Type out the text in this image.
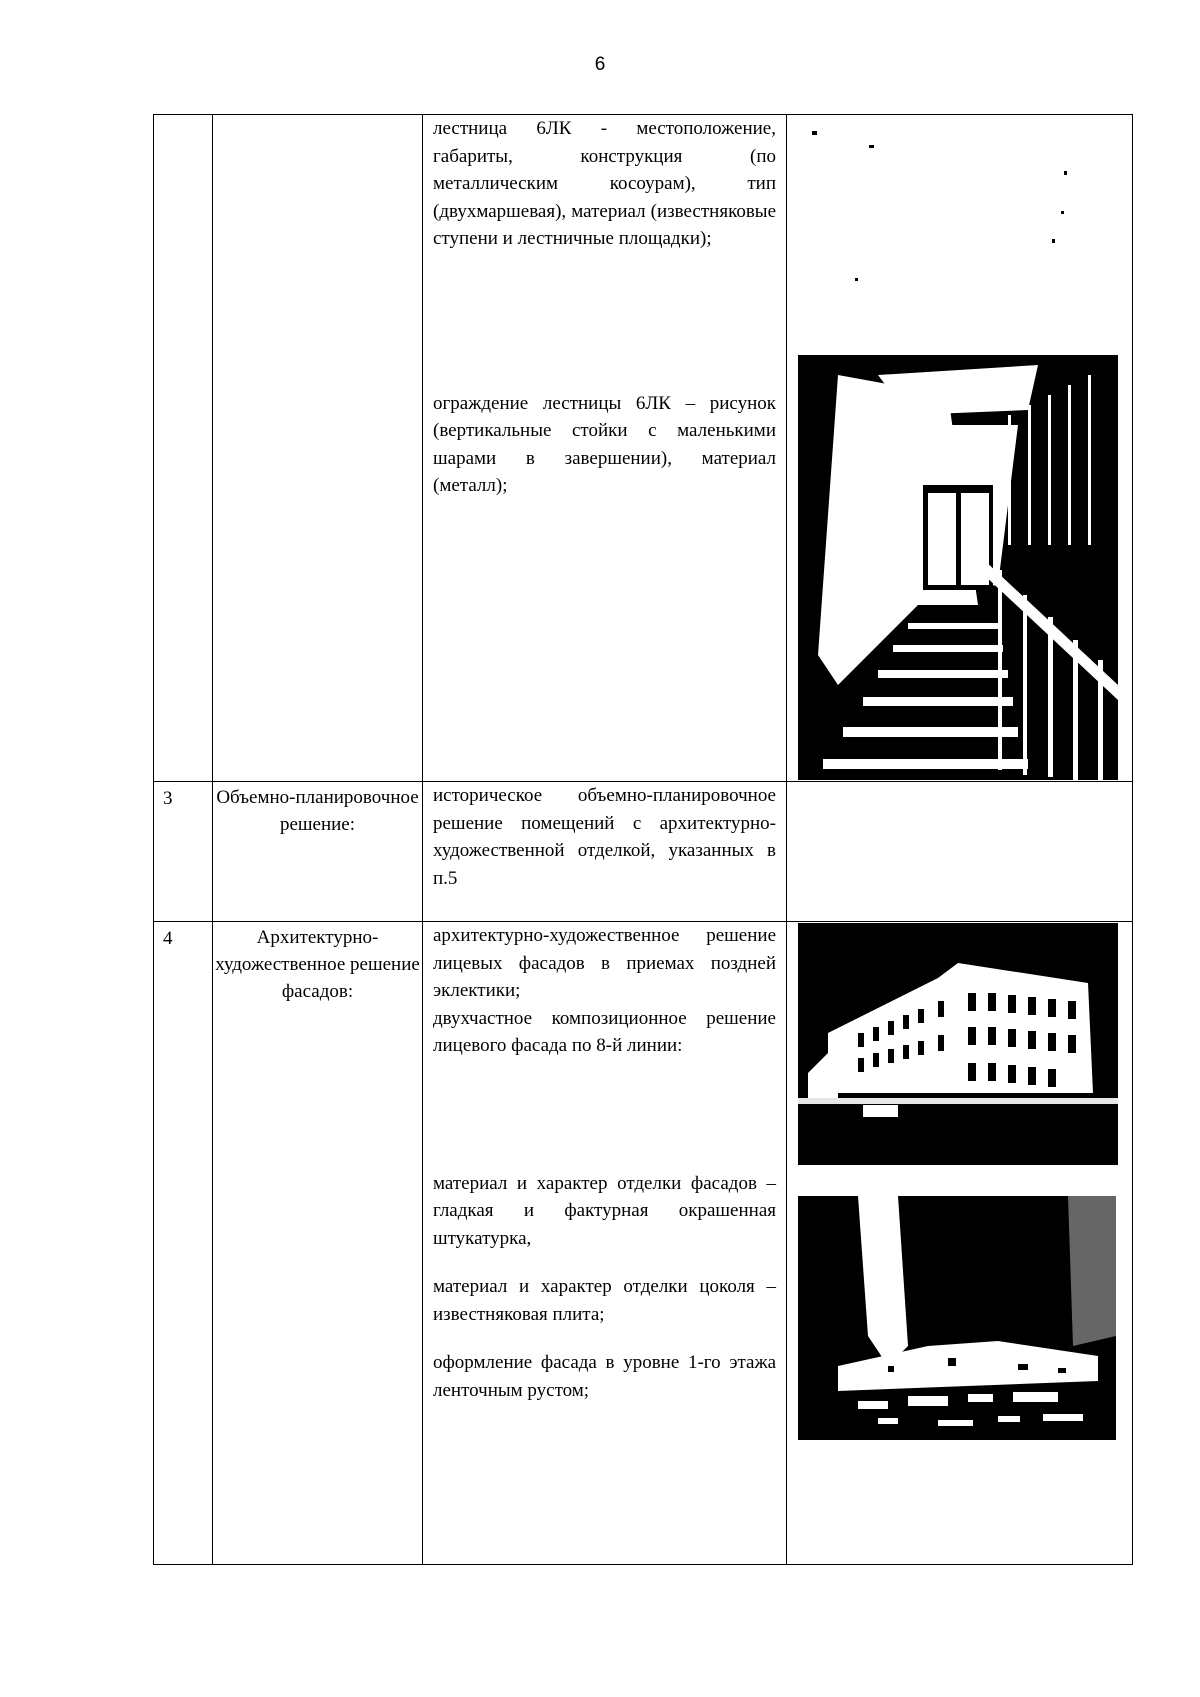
6

		лестница 6ЛК - местоположение, габариты, конструкция (по металлическим косоурам), тип (двухмаршевая), материал (известняковые ступени и лестничные площадки);

ограждение лестницы 6ЛК – рисунок (вертикальные стойки с маленькими шарами в завершении), материал (металл);

3	Объемно-планировочное решение:	историческое объемно-планировочное решение помещений с архитектурно-художественной отделкой, указанных в п.5	

4	Архитектурно-художественное решение фасадов:	архитектурно-художественное решение лицевых фасадов в приемах поздней эклектики;

двухчастное композиционное решение лицевого фасада по 8-й линии:

материал и характер отделки фасадов – гладкая и фактурная окрашенная штукатурка,

материал и характер отделки цоколя – известняковая плита;

оформление фасада в уровне 1-го этажа ленточным рустом;
